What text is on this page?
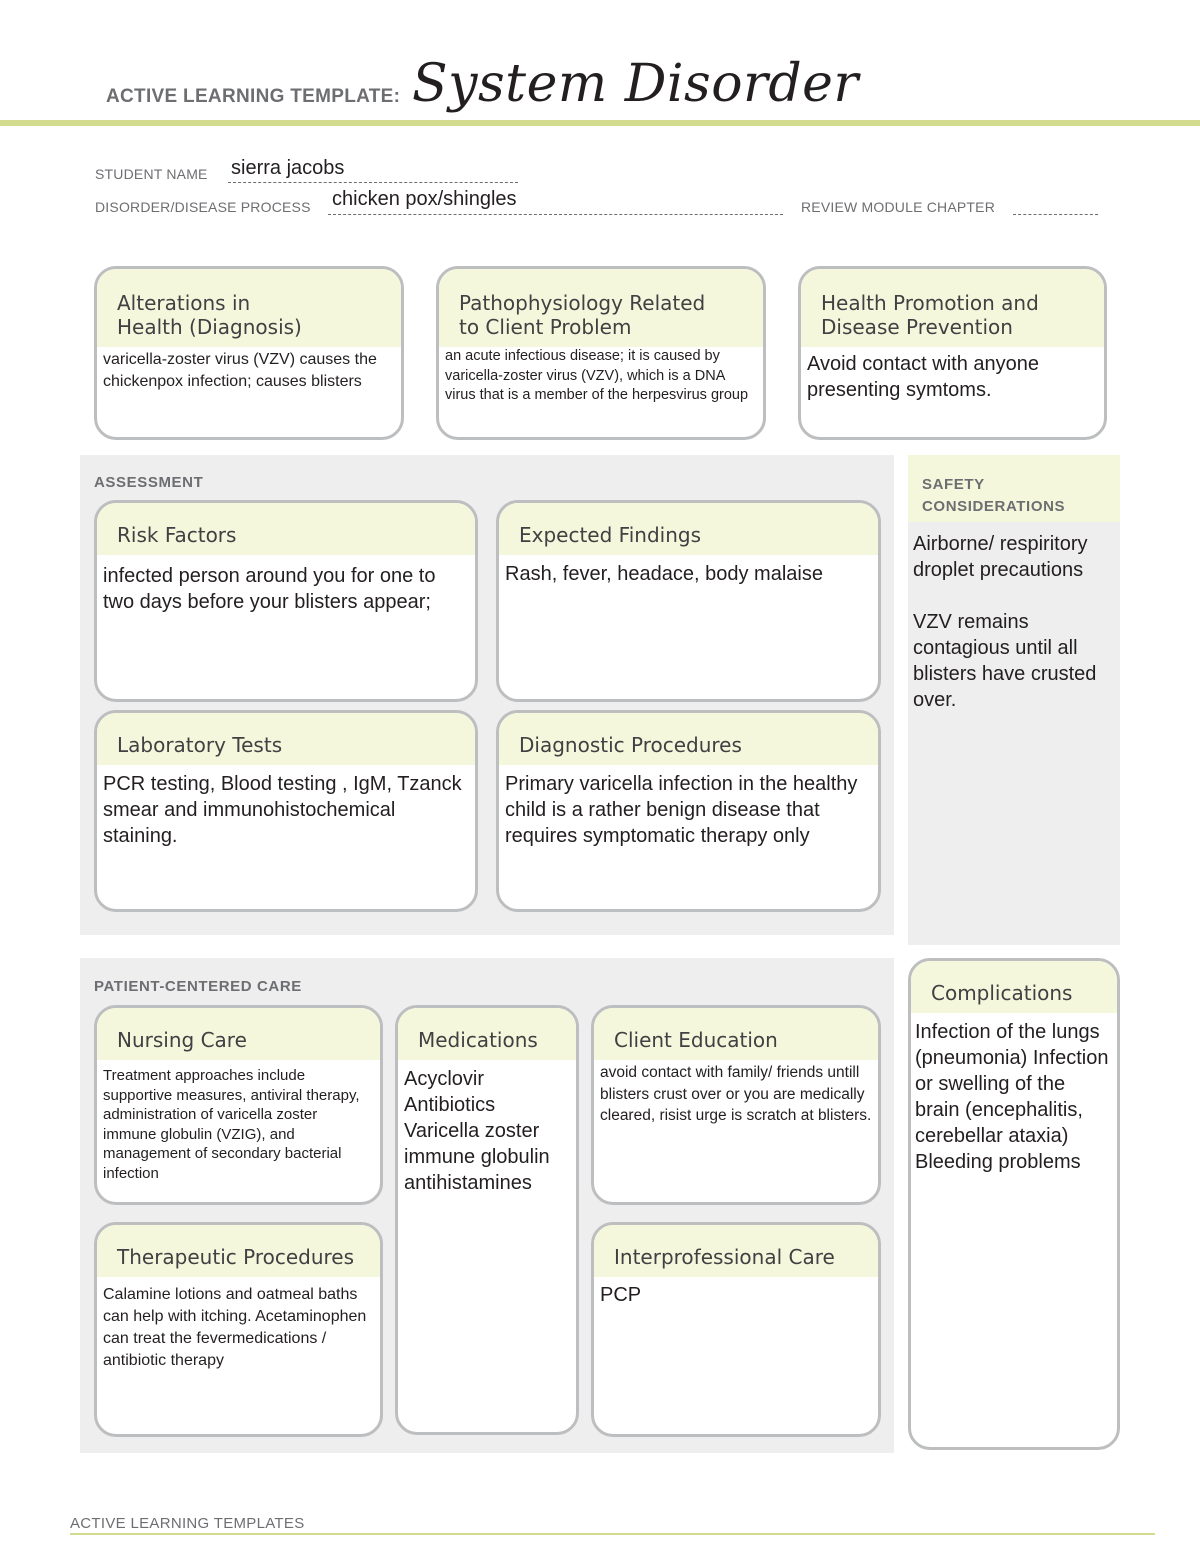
ACTIVE LEARNING TEMPLATE: System Disorder
STUDENT NAME sierra jacobs
DISORDER/DISEASE PROCESS chicken pox/shingles	REVIEW MODULE CHAPTER
Alterations in
Health (Diagnosis)
varicella-zoster virus (VZV) causes the chickenpox infection; causes blisters
Pathophysiology Related
to Client Problem
an acute infectious disease; it is caused by varicella-zoster virus (VZV), which is a DNA virus that is a member of the herpesvirus group
Health Promotion and
Disease Prevention
Avoid contact with anyone presenting symtoms.
ASSESSMENT
Risk Factors
infected person around you for one to two days before your blisters appear;
Expected Findings
Rash, fever, headace, body malaise
Laboratory Tests
PCR testing, Blood testing , IgM, Tzanck smear and immunohistochemical staining.
Diagnostic Procedures
Primary varicella infection in the healthy child is a rather benign disease that requires symptomatic therapy only
SAFETY
CONSIDERATIONS
Airborne/ respiritory droplet precautions
VZV remains contagious until all blisters have crusted over.
PATIENT-CENTERED CARE
Nursing Care
Treatment approaches include supportive measures, antiviral therapy, administration of varicella zoster immune globulin (VZIG), and management of secondary bacterial infection
Medications
Acyclovir
Antibiotics
Varicella zoster immune globulin
antihistamines
Client Education
avoid contact with family/ friends untill blisters crust over or you are medically cleared, risist urge is scratch at blisters.
Therapeutic Procedures
Calamine lotions and oatmeal baths can help with itching. Acetaminophen can treat the fevermedications / antibiotic therapy
Interprofessional Care
PCP
Complications
Infection of the lungs (pneumonia) Infection or swelling of the brain (encephalitis, cerebellar ataxia) Bleeding problems
ACTIVE LEARNING TEMPLATES
